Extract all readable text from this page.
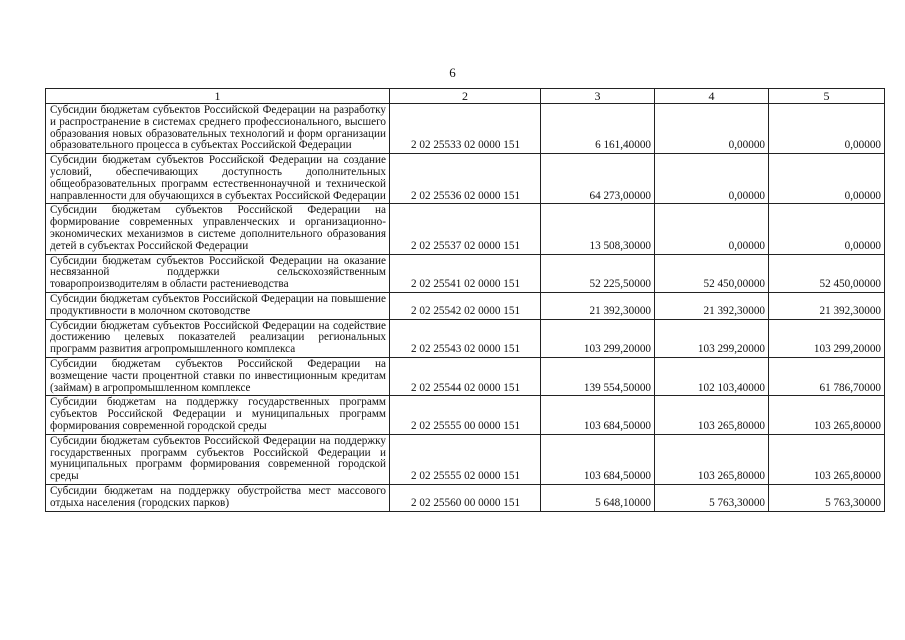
6
1	2	3	4	5
Субсидии бюджетам субъектов Российской Федерации на разработку и распространение в системах среднего профессионального, высшего образования новых образовательных технологий и форм организации образовательного процесса в субъектах Российской Федерации	2 02 25533 02 0000 151	6 161,40000	0,00000	0,00000
Субсидии бюджетам субъектов Российской Федерации на создание условий, обеспечивающих доступность дополнительных общеобразовательных программ естественнонаучной и технической направленности для обучающихся в субъектах Российской Федерации	2 02 25536 02 0000 151	64 273,00000	0,00000	0,00000
Субсидии бюджетам субъектов Российской Федерации на формирование современных управленческих и организационно-экономических механизмов в системе дополнительного образования детей в субъектах Российской Федерации	2 02 25537 02 0000 151	13 508,30000	0,00000	0,00000
Субсидии бюджетам субъектов Российской Федерации на оказание несвязанной поддержки сельскохозяйственным товаропроизводителям в области растениеводства	2 02 25541 02 0000 151	52 225,50000	52 450,00000	52 450,00000
Субсидии бюджетам субъектов Российской Федерации на повышение продуктивности в молочном скотоводстве	2 02 25542 02 0000 151	21 392,30000	21 392,30000	21 392,30000
Субсидии бюджетам субъектов Российской Федерации на содействие достижению целевых показателей реализации региональных программ развития агропромышленного комплекса	2 02 25543 02 0000 151	103 299,20000	103 299,20000	103 299,20000
Субсидии бюджетам субъектов Российской Федерации на возмещение части процентной ставки по инвестиционным кредитам (займам) в агропромышленном комплексе	2 02 25544 02 0000 151	139 554,50000	102 103,40000	61 786,70000
Субсидии бюджетам на поддержку государственных программ субъектов Российской Федерации и муниципальных программ формирования современной городской среды	2 02 25555 00 0000 151	103 684,50000	103 265,80000	103 265,80000
Субсидии бюджетам субъектов Российской Федерации на поддержку государственных программ субъектов Российской Федерации и муниципальных программ формирования современной городской среды	2 02 25555 02 0000 151	103 684,50000	103 265,80000	103 265,80000
Субсидии бюджетам на поддержку обустройства мест массового отдыха населения (городских парков)	2 02 25560 00 0000 151	5 648,10000	5 763,30000	5 763,30000
